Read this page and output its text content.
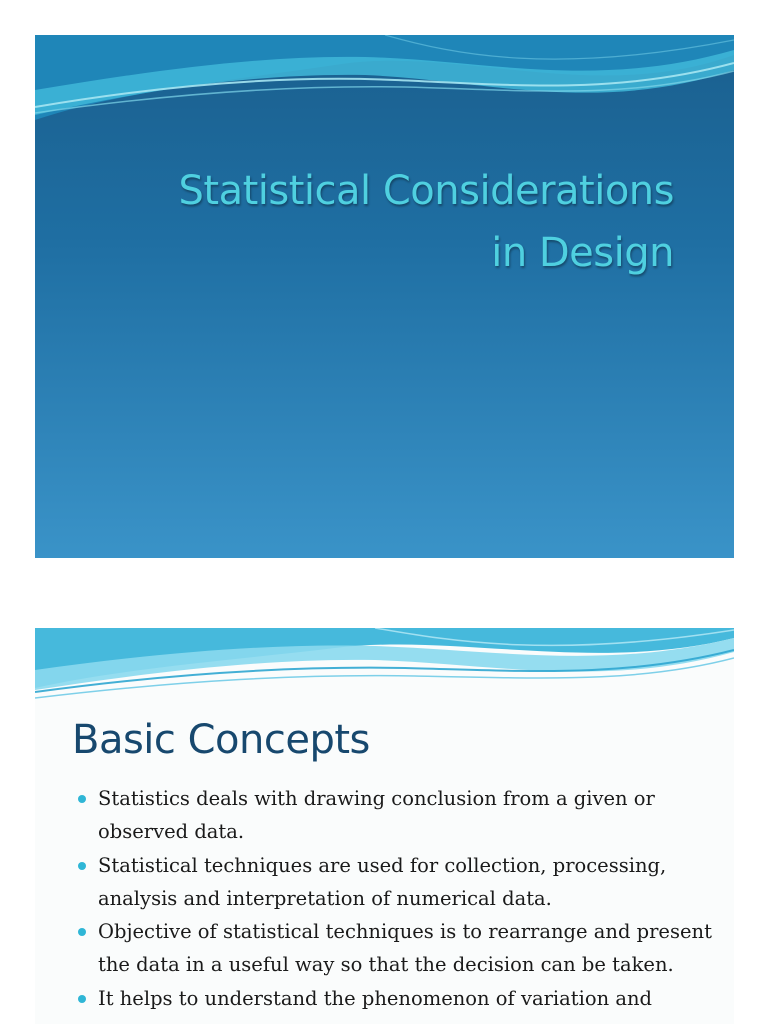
Statistical Considerations
in Design
Basic Concepts
Statistics deals with drawing conclusion from a given or observed data.
Statistical techniques are used for collection, processing, analysis and interpretation of numerical data.
Objective of statistical techniques is to rearrange and present the data in a useful way so that the decision can be taken.
It helps to understand the phenomenon of variation and
